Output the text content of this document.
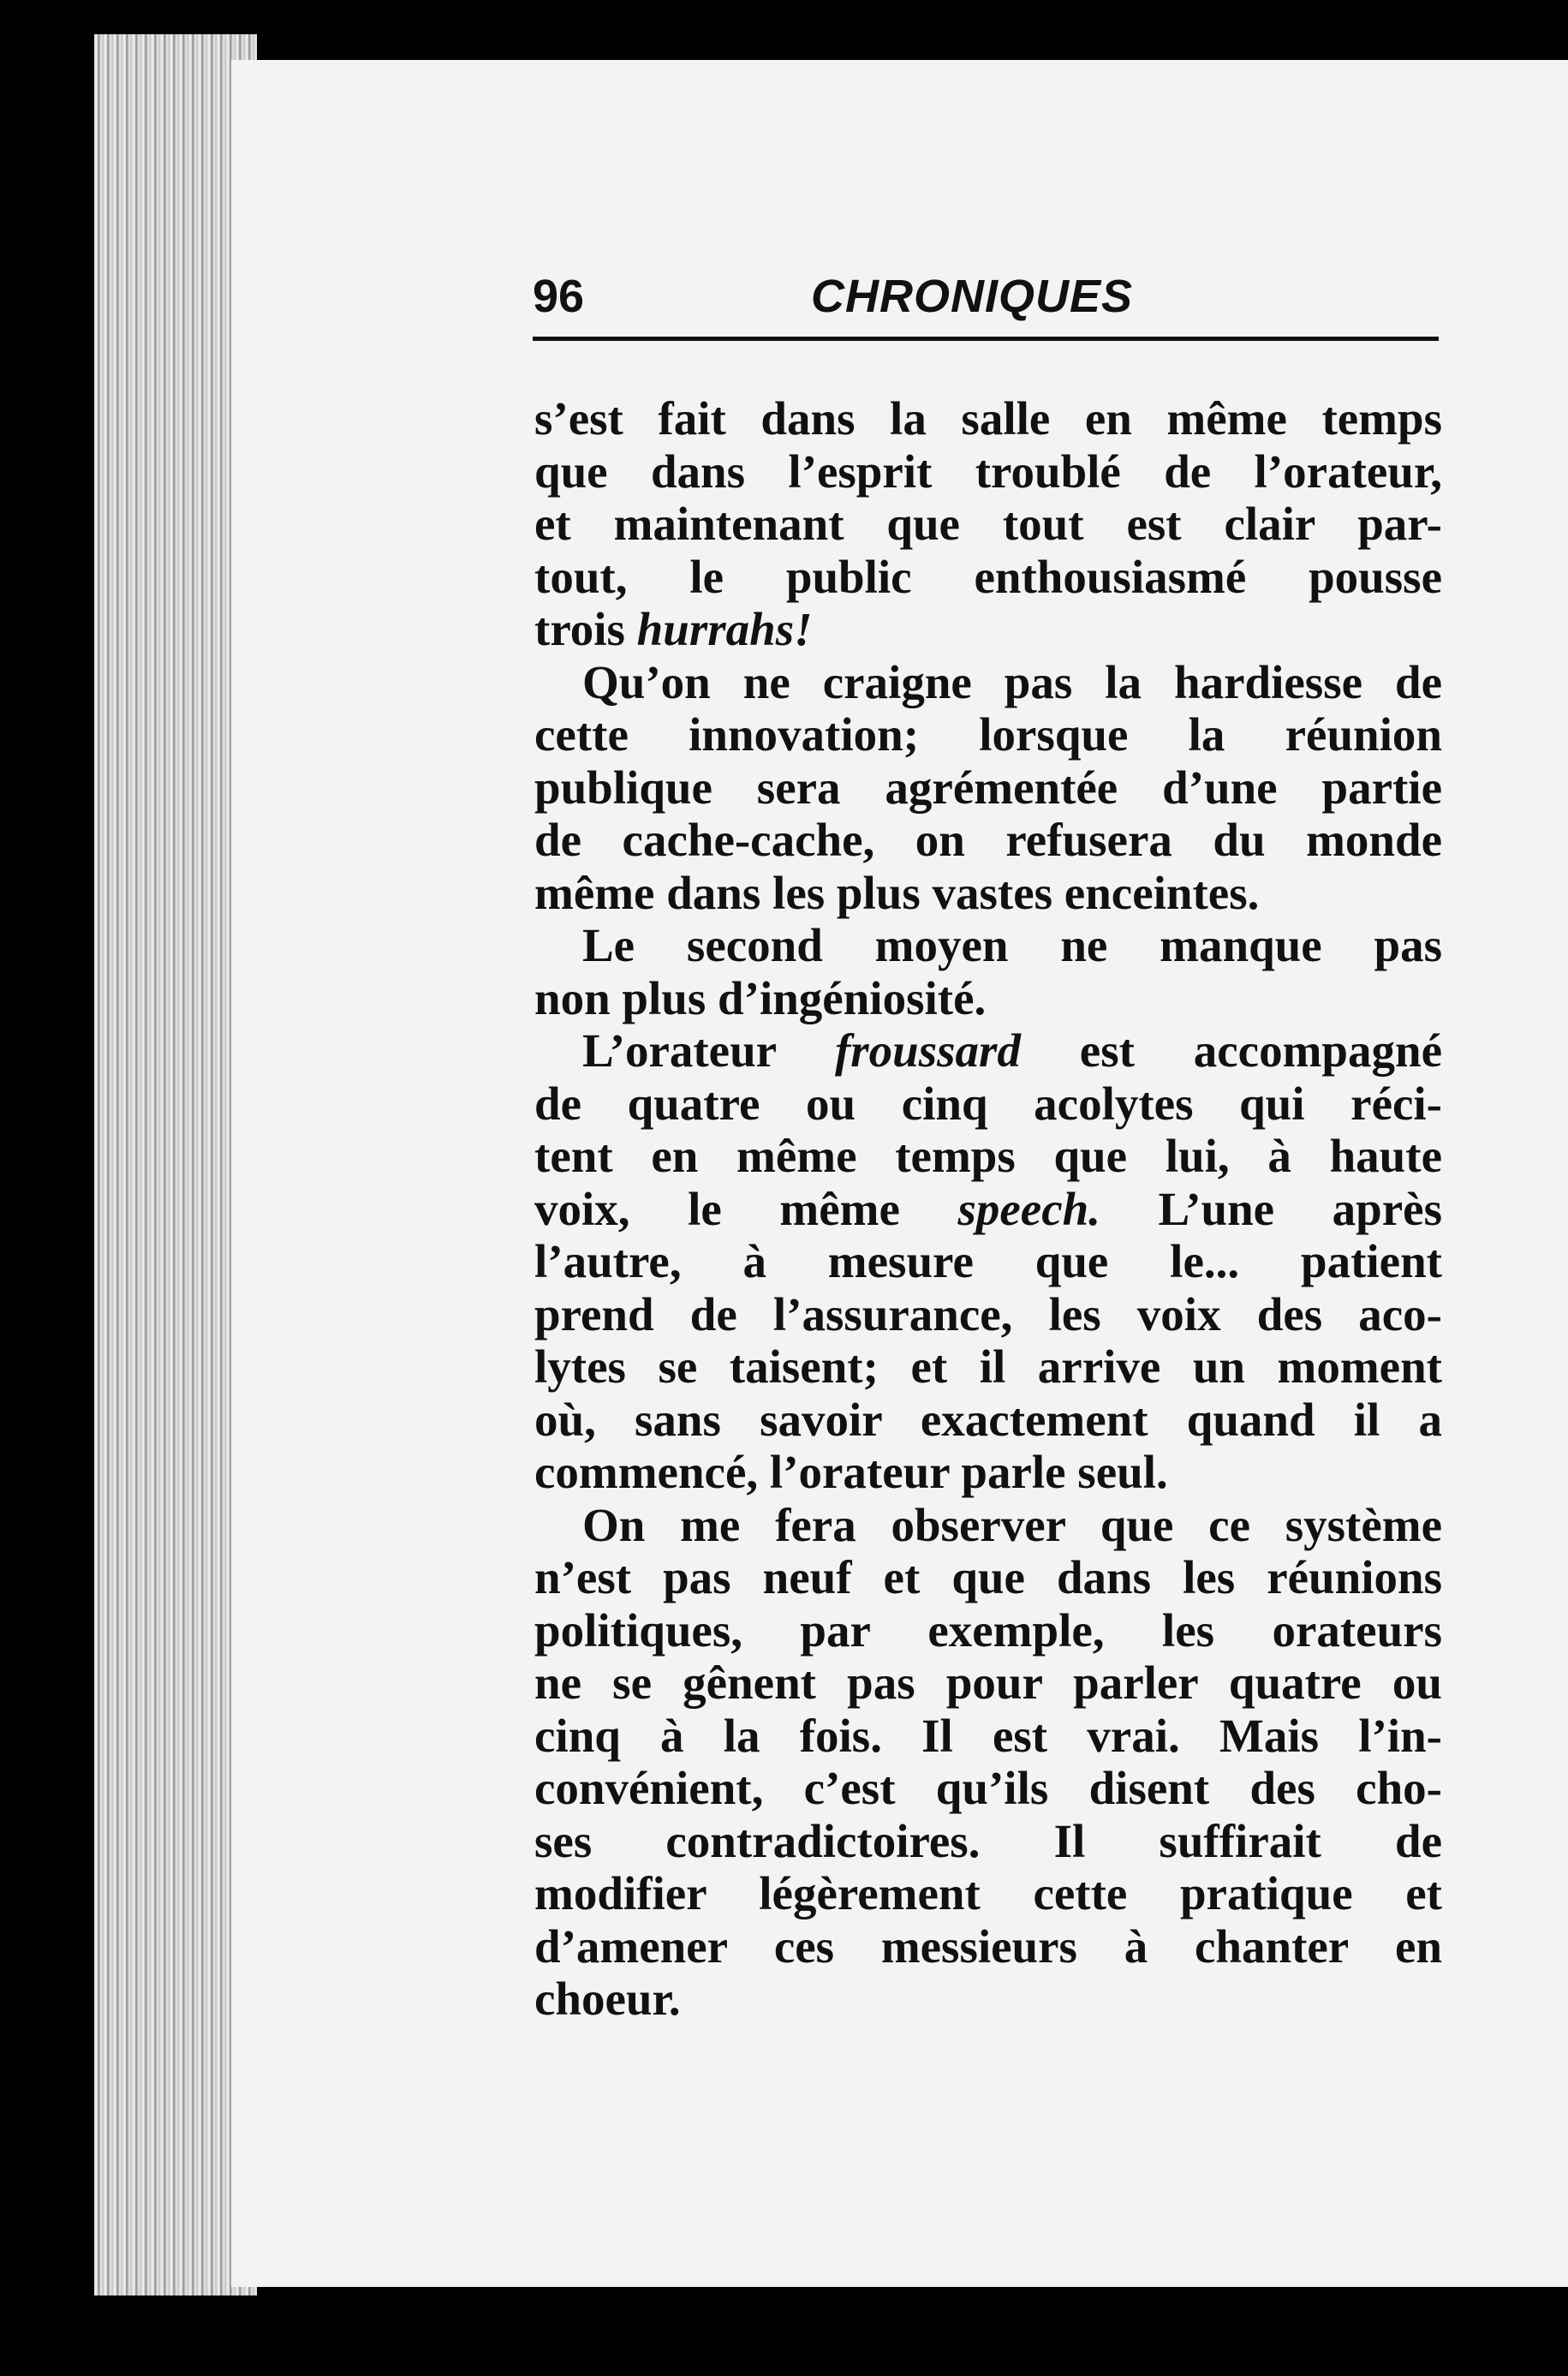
96	CHRONIQUES
s’est fait dans la salle en même temps
que dans l’esprit troublé de l’orateur,
et maintenant que tout est clair par-
tout, le public enthousiasmé pousse
trois hurrahs!
Qu’on ne craigne pas la hardiesse de
cette innovation; lorsque la réunion
publique sera agrémentée d’une partie
de cache-cache, on refusera du monde
même dans les plus vastes enceintes.
Le second moyen ne manque pas
non plus d’ingéniosité.
L’orateur froussard est accompagné
de quatre ou cinq acolytes qui réci-
tent en même temps que lui, à haute
voix, le même speech. L’une après
l’autre, à mesure que le... patient
prend de l’assurance, les voix des aco-
lytes se taisent; et il arrive un moment
où, sans savoir exactement quand il a
commencé, l’orateur parle seul.
On me fera observer que ce système
n’est pas neuf et que dans les réunions
politiques, par exemple, les orateurs
ne se gênent pas pour parler quatre ou
cinq à la fois. Il est vrai. Mais l’in-
convénient, c’est qu’ils disent des cho-
ses contradictoires. Il suffirait de
modifier légèrement cette pratique et
d’amener ces messieurs à chanter en
choeur.
